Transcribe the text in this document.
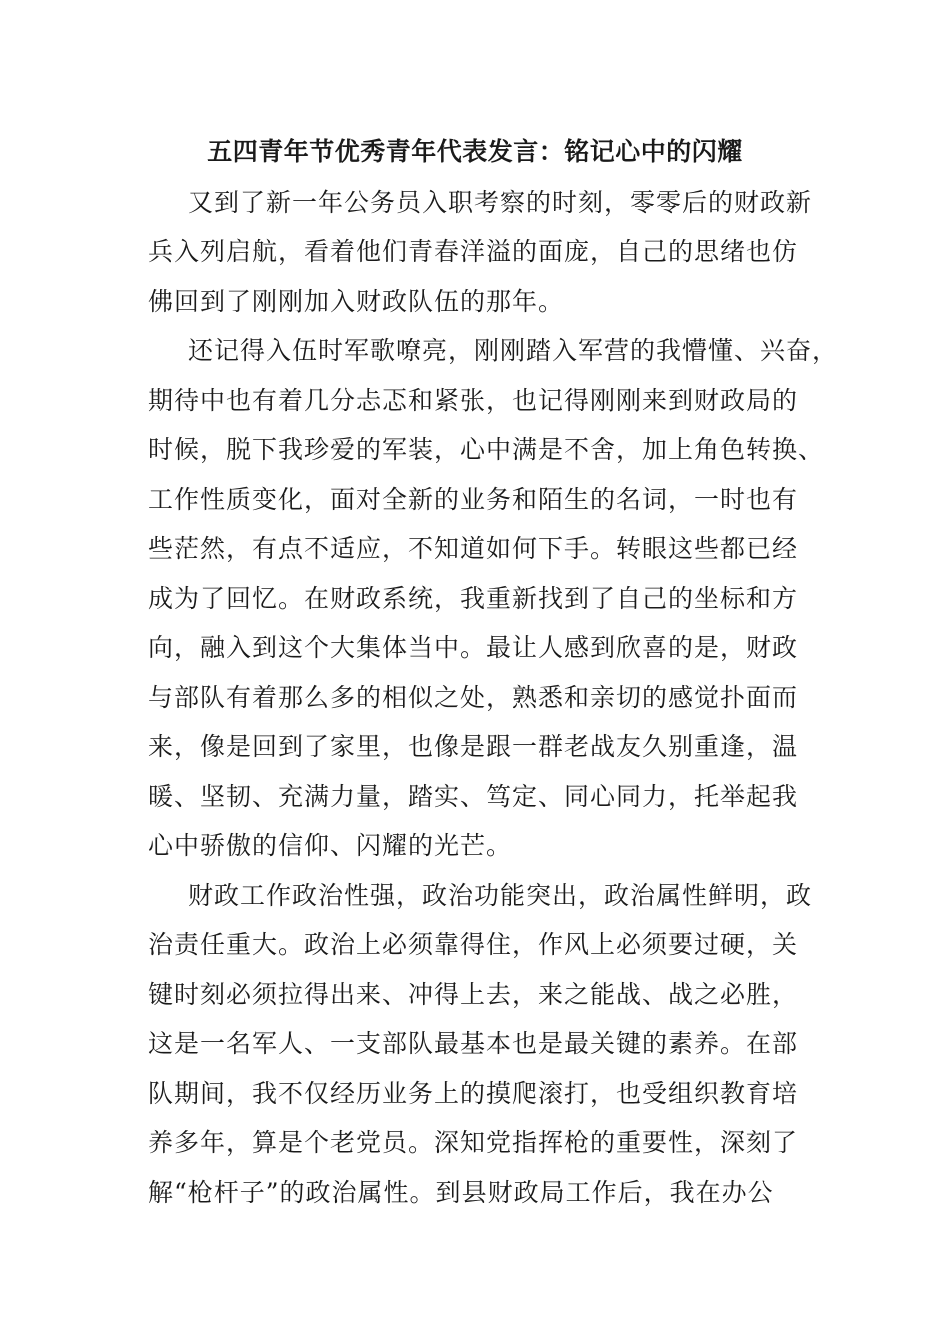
五四青年节优秀青年代表发言：铭记心中的闪耀
又到了新一年公务员入职考察的时刻，零零后的财政新
兵入列启航，看着他们青春洋溢的面庞，自己的思绪也仿
佛回到了刚刚加入财政队伍的那年。
还记得入伍时军歌嘹亮，刚刚踏入军营的我懵懂、兴奋，
期待中也有着几分忐忑和紧张，也记得刚刚来到财政局的
时候，脱下我珍爱的军装，心中满是不舍，加上角色转换、
工作性质变化，面对全新的业务和陌生的名词，一时也有
些茫然，有点不适应，不知道如何下手。转眼这些都已经
成为了回忆。在财政系统，我重新找到了自己的坐标和方
向，融入到这个大集体当中。最让人感到欣喜的是，财政
与部队有着那么多的相似之处，熟悉和亲切的感觉扑面而
来，像是回到了家里，也像是跟一群老战友久别重逢，温
暖、坚韧、充满力量，踏实、笃定、同心同力，托举起我
心中骄傲的信仰、闪耀的光芒。
财政工作政治性强，政治功能突出，政治属性鲜明，政
治责任重大。政治上必须靠得住，作风上必须要过硬，关
键时刻必须拉得出来、冲得上去，来之能战、战之必胜，
这是一名军人、一支部队最基本也是最关键的素养。在部
队期间，我不仅经历业务上的摸爬滚打，也受组织教育培
养多年，算是个老党员。深知党指挥枪的重要性，深刻了
解“枪杆子”的政治属性。到县财政局工作后，我在办公
